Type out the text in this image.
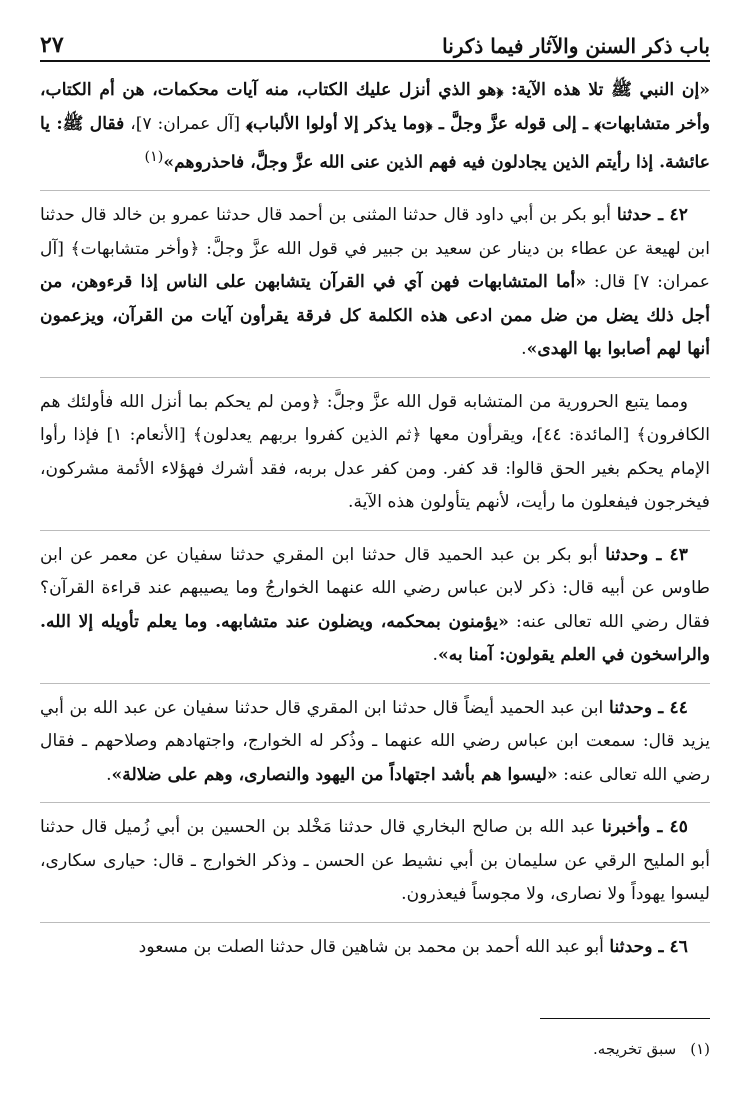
باب ذكر السنن والآثار فيما ذكرنا
٢٧

«إن النبي ﷺ تلا هذه الآية: ﴿هو الذي أنزل عليك الكتاب، منه آيات محكمات، هن أم الكتاب، وأخر متشابهات﴾ ـ إلى قوله عزَّ وجلَّ ـ ﴿وما يذكر إلا أولوا الألباب﴾ [آل عمران: ٧]، فقال ﷺ: يا عائشة. إذا رأيتم الذين يجادلون فيه فهم الذين عنى الله عزَّ وجلَّ، فاحذروهم»$^{(١)}$

٤٢ ـ حدثنا أبو بكر بن أبي داود قال حدثنا المثنى بن أحمد قال حدثنا عمرو بن خالد قال حدثنا ابن لهيعة عن عطاء بن دينار عن سعيد بن جبير في قول الله عزَّ وجلَّ: ﴿وأخر متشابهات﴾ [آل عمران: ٧] قال: «أما المتشابهات فهن آي في القرآن يتشابهن على الناس إذا قرءوهن، من أجل ذلك يضل من ضل ممن ادعى هذه الكلمة كل فرقة يقرأون آيات من القرآن، ويزعمون أنها لهم أصابوا بها الهدى».

ومما يتبع الحرورية من المتشابه قول الله عزَّ وجلَّ: ﴿ومن لم يحكم بما أنزل الله فأولئك هم الكافرون﴾ [المائدة: ٤٤]، ويقرأون معها ﴿ثم الذين كفروا بربهم يعدلون﴾ [الأنعام: ١] فإذا رأوا الإمام يحكم بغير الحق قالوا: قد كفر. ومن كفر عدل بربه، فقد أشرك فهؤلاء الأئمة مشركون، فيخرجون فيفعلون ما رأيت، لأنهم يتأولون هذه الآية.

٤٣ ـ وحدثنا أبو بكر بن عبد الحميد قال حدثنا ابن المقري حدثنا سفيان عن معمر عن ابن طاوس عن أبيه قال: ذكر لابن عباس رضي الله عنهما الخوارجُ وما يصيبهم عند قراءة القرآن؟ فقال رضي الله تعالى عنه: «يؤمنون بمحكمه، ويضلون عند متشابهه. وما يعلم تأويله إلا الله. والراسخون في العلم يقولون: آمنا به».

٤٤ ـ وحدثنا ابن عبد الحميد أيضاً قال حدثنا ابن المقري قال حدثنا سفيان عن عبد الله بن أبي يزيد قال: سمعت ابن عباس رضي الله عنهما ـ وذُكر له الخوارج، واجتهادهم وصلاحهم ـ فقال رضي الله تعالى عنه: «ليسوا هم بأشد اجتهاداً من اليهود والنصارى، وهم على ضلالة».

٤٥ ـ وأخبرنا عبد الله بن صالح البخاري قال حدثنا مَخْلد بن الحسين بن أبي زُميل قال حدثنا أبو المليح الرقي عن سليمان بن أبي نشيط عن الحسن ـ وذكر الخوارج ـ قال: حيارى سكارى، ليسوا يهوداً ولا نصارى، ولا مجوساً فيعذرون.

٤٦ ـ وحدثنا أبو عبد الله أحمد بن محمد بن شاهين قال حدثنا الصلت بن مسعود

(١)سبق تخريجه.
